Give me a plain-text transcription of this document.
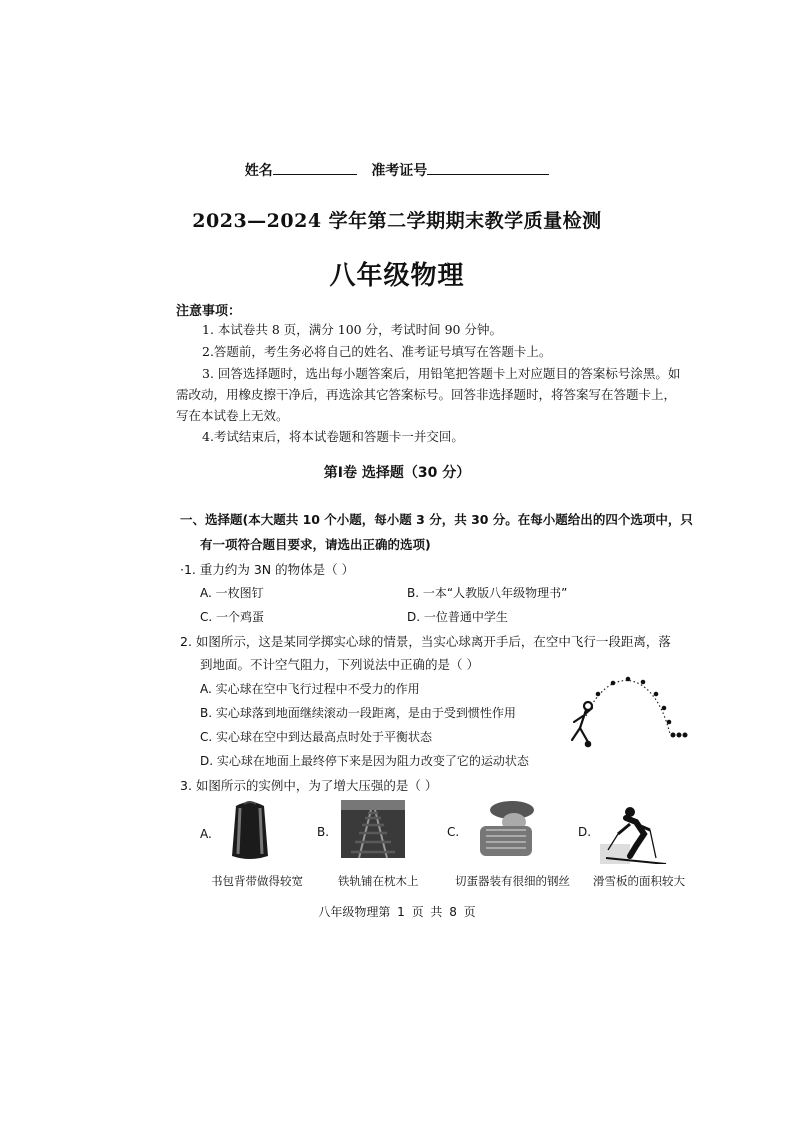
姓名	准考证号
2023—2024 学年第二学期期末教学质量检测
八年级物理
注意事项：
1. 本试卷共 8 页，满分 100 分，考试时间 90 分钟。
2.答题前，考生务必将自己的姓名、准考证号填写在答题卡上。
3. 回答选择题时，选出每小题答案后，用铅笔把答题卡上对应题目的答案标号涂黑。如
需改动，用橡皮擦干净后，再选涂其它答案标号。回答非选择题时，将答案写在答题卡上，
写在本试卷上无效。
4.考试结束后，将本试卷题和答题卡一并交回。
第Ⅰ卷 选择题（30 分）
一、选择题(本大题共 10 个小题，每小题 3 分，共 30 分。在每小题给出的四个选项中，只
有一项符合题目要求，请选出正确的选项)
·1. 重力约为 3N 的物体是（ ）
A. 一枚图钉	B. 一本“人教版八年级物理书”
C. 一个鸡蛋	D. 一位普通中学生
2. 如图所示，这是某同学掷实心球的情景，当实心球离开手后，在空中飞行一段距离，落
到地面。不计空气阻力，下列说法中正确的是（ ）
A. 实心球在空中飞行过程中不受力的作用
B. 实心球落到地面继续滚动一段距离，是由于受到惯性作用
C. 实心球在空中到达最高点时处于平衡状态
D. 实心球在地面上最终停下来是因为阻力改变了它的运动状态
3. 如图所示的实例中，为了增大压强的是（ ）
A.	B.	C.	D.
书包背带做得较宽	铁轨铺在枕木上	切蛋器装有很细的钢丝 滑雪板的面积较大
八年级物理第 1 页 共 8 页
